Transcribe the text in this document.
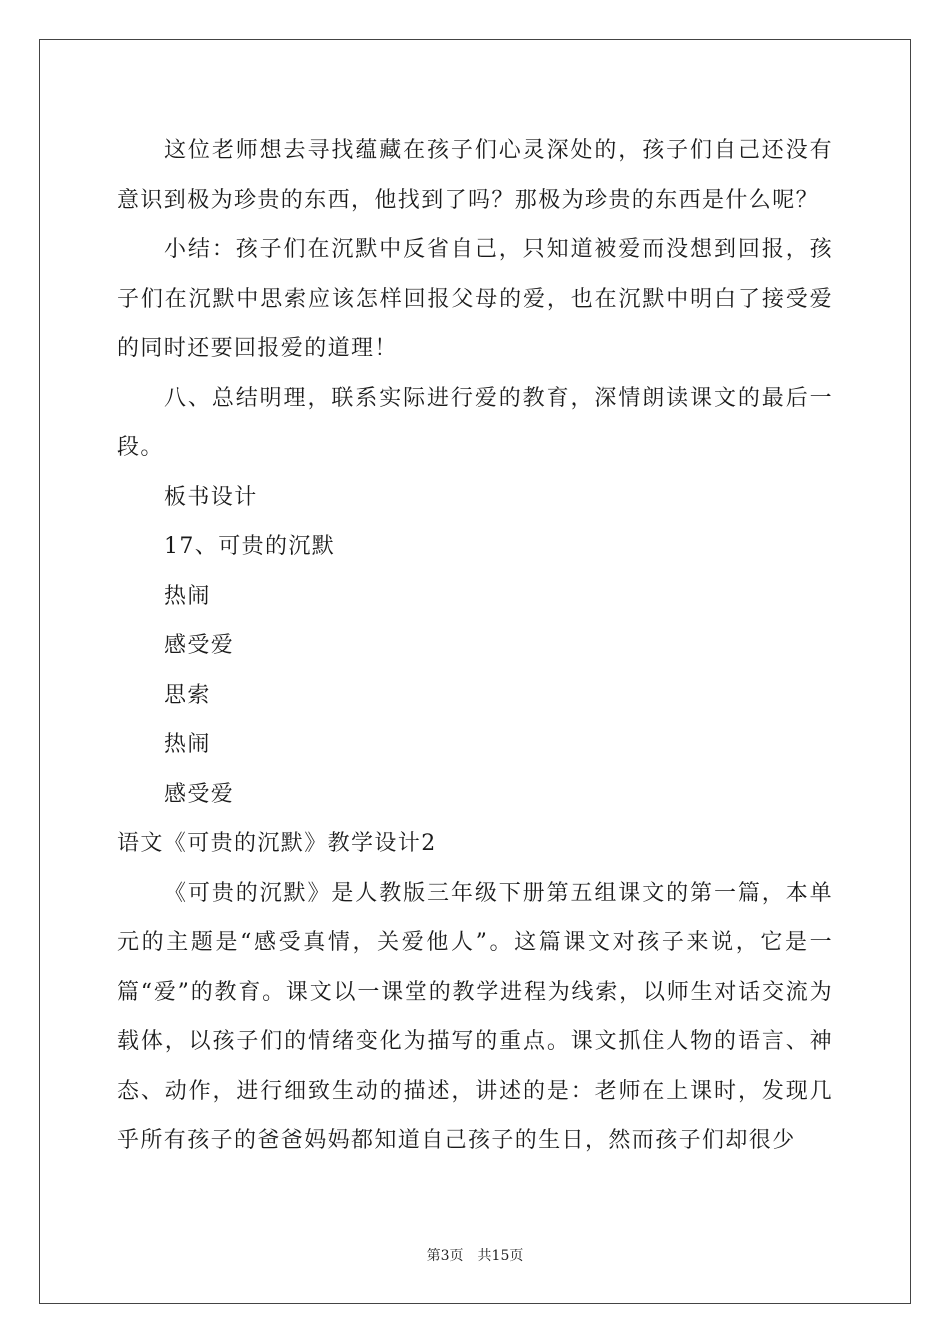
这位老师想去寻找蕴藏在孩子们心灵深处的，孩子们自己还没有意识到极为珍贵的东西，他找到了吗？那极为珍贵的东西是什么呢？

小结：孩子们在沉默中反省自己，只知道被爱而没想到回报，孩子们在沉默中思索应该怎样回报父母的爱，也在沉默中明白了接受爱的同时还要回报爱的道理！

八、总结明理，联系实际进行爱的教育，深情朗读课文的最后一段。

板书设计

17、可贵的沉默

热闹

感受爱

思索

热闹

感受爱

语文《可贵的沉默》教学设计2

《可贵的沉默》是人教版三年级下册第五组课文的第一篇，本单元的主题是“感受真情，关爱他人”。这篇课文对孩子来说，它是一篇“爱”的教育。课文以一课堂的教学进程为线索，以师生对话交流为载体，以孩子们的情绪变化为描写的重点。课文抓住人物的语言、神态、动作，进行细致生动的描述，讲述的是：老师在上课时，发现几乎所有孩子的爸爸妈妈都知道自己孩子的生日，然而孩子们却很少

第3页 共15页
